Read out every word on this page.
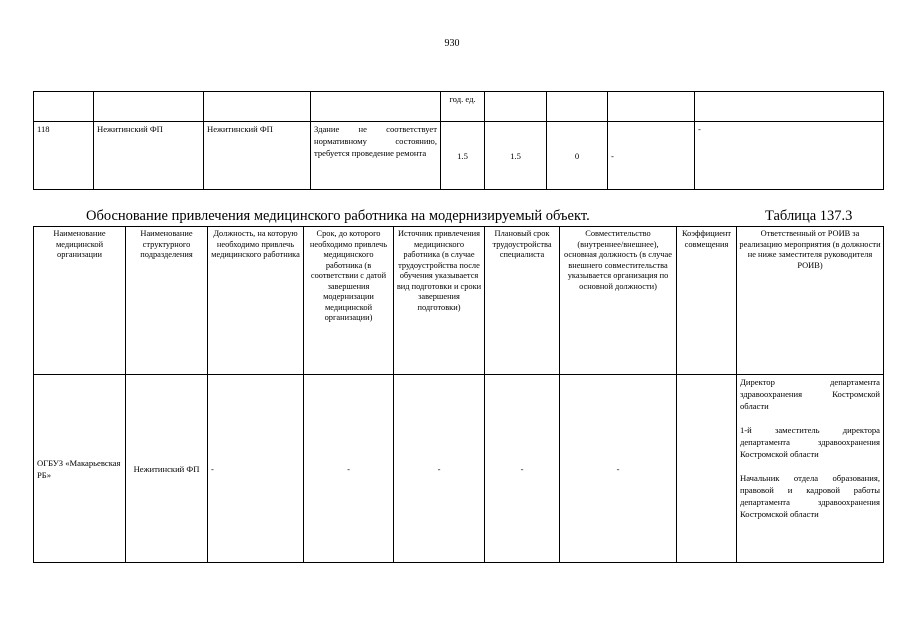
930
				год. ед.				
118	Нежитинский ФП	Нежитинский ФП	Здание не соответствует нормативному состоянию, требуется проведение ремонта	1.5	1.5	0	-	-
Обоснование привлечения медицинского работника на модернизируемый объект.	Таблица 137.3
Наименование медицинской организации	Наименование структурного подразделения	Должность, на которую необходимо привлечь медицинского работника	Срок, до которого необходимо привлечь медицинского работника (в соответствии с датой завершения модернизации медицинской организации)	Источник привлечения медицинского работника (в случае трудоустройства после обучения указывается вид подготовки и сроки завершения подготовки)	Плановый срок трудоустройства специалиста	Совместительство (внутреннее/внешнее), основная должность (в случае внешнего совместительства указывается организация по основной должности)	Коэффициент совмещения	Ответственный от РОИВ за реализацию мероприятия (в должности не ниже заместителя руководителя РОИВ)
ОГБУЗ «Макарьевская РБ»	Нежитинский ФП	-	-	-	-	-		Директор департамента здравоохранения Костромской области

1-й заместитель директора департамента здравоохранения Костромской области

Начальник отдела образования, правовой и кадровой работы департамента здравоохранения Костромской области
